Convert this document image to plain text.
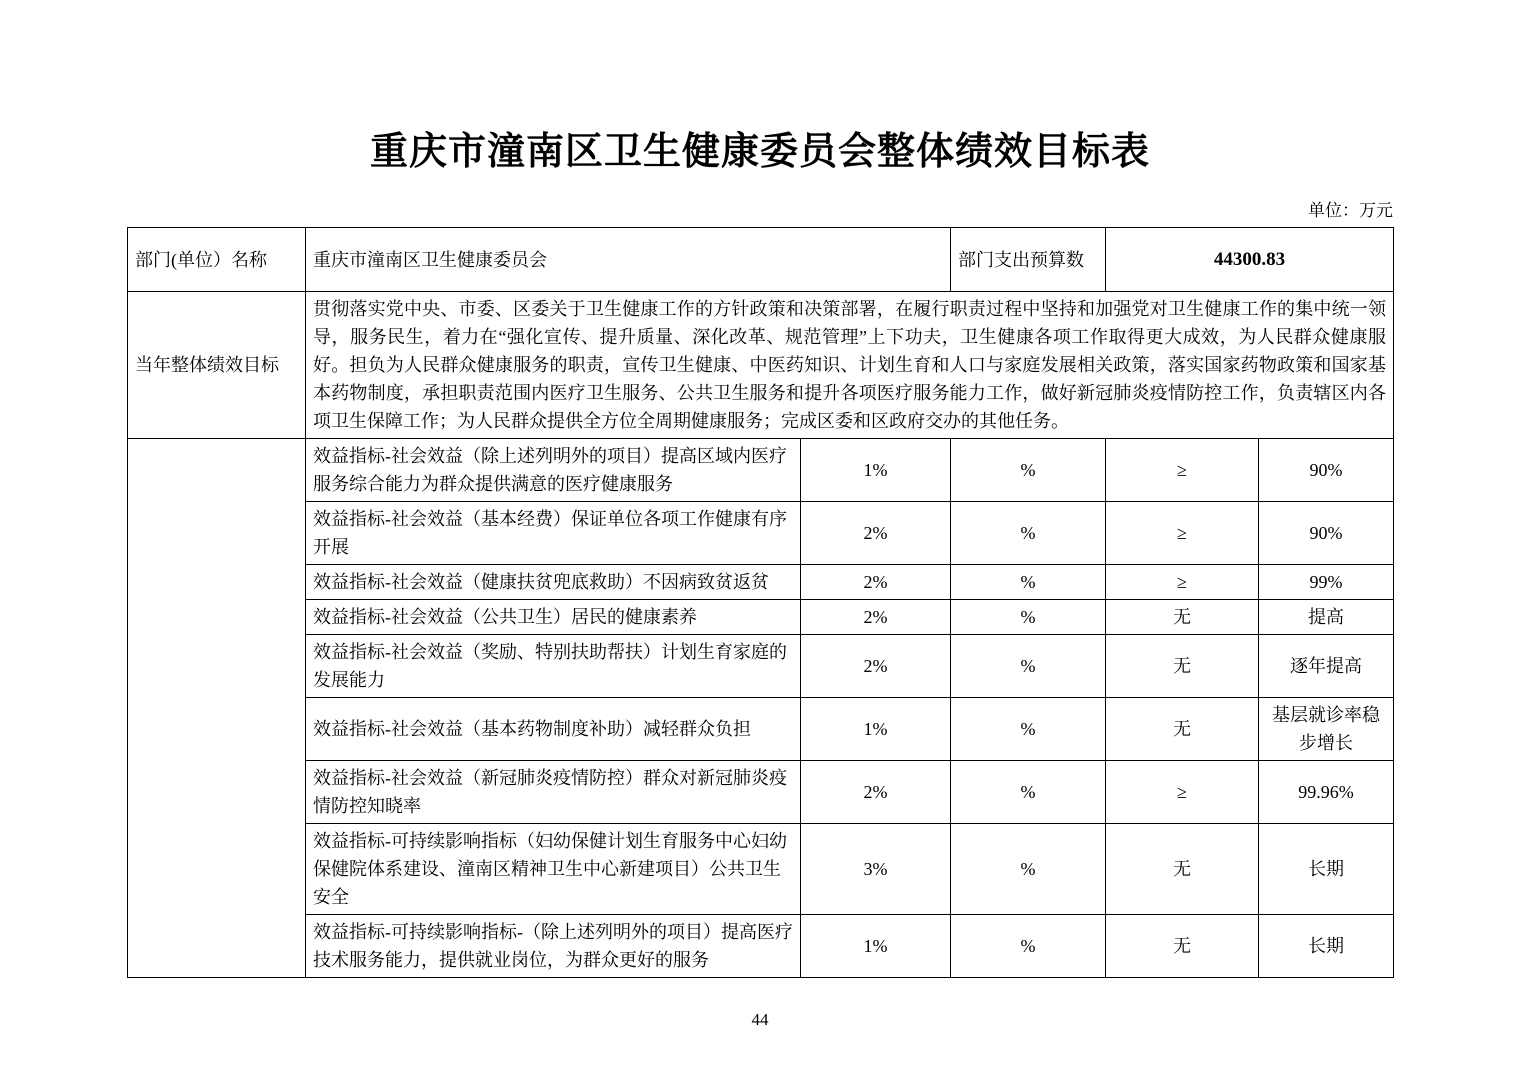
重庆市潼南区卫生健康委员会整体绩效目标表
单位：万元
部门(单位）名称	重庆市潼南区卫生健康委员会		部门支出预算数	44300.83	
当年整体绩效目标	贯彻落实党中央、市委、区委关于卫生健康工作的方针政策和决策部署，在履行职责过程中坚持和加强党对卫生健康工作的集中统一领导，服务民生，着力在“强化宣传、提升质量、深化改革、规范管理”上下功夫，卫生健康各项工作取得更大成效，为人民群众健康服好。担负为人民群众健康服务的职责，宣传卫生健康、中医药知识、计划生育和人口与家庭发展相关政策，落实国家药物政策和国家基本药物制度，承担职责范围内医疗卫生服务、公共卫生服务和提升各项医疗服务能力工作，做好新冠肺炎疫情防控工作，负责辖区内各项卫生保障工作；为人民群众提供全方位全周期健康服务；完成区委和区政府交办的其他任务。				
	效益指标-社会效益（除上述列明外的项目）提高区域内医疗服务综合能力为群众提供满意的医疗健康服务	1%	%	≥	90%
	效益指标-社会效益（基本经费）保证单位各项工作健康有序开展	2%	%	≥	90%
	效益指标-社会效益（健康扶贫兜底救助）不因病致贫返贫	2%	%	≥	99%
	效益指标-社会效益（公共卫生）居民的健康素养	2%	%	无	提高
	效益指标-社会效益（奖励、特别扶助帮扶）计划生育家庭的发展能力	2%	%	无	逐年提高
	效益指标-社会效益（基本药物制度补助）减轻群众负担	1%	%	无	基层就诊率稳步增长
	效益指标-社会效益（新冠肺炎疫情防控）群众对新冠肺炎疫情防控知晓率	2%	%	≥	99.96%
	效益指标-可持续影响指标（妇幼保健计划生育服务中心妇幼保健院体系建设、潼南区精神卫生中心新建项目）公共卫生安全	3%	%	无	长期
	效益指标-可持续影响指标-（除上述列明外的项目）提高医疗技术服务能力，提供就业岗位，为群众更好的服务	1%	%	无	长期
44
